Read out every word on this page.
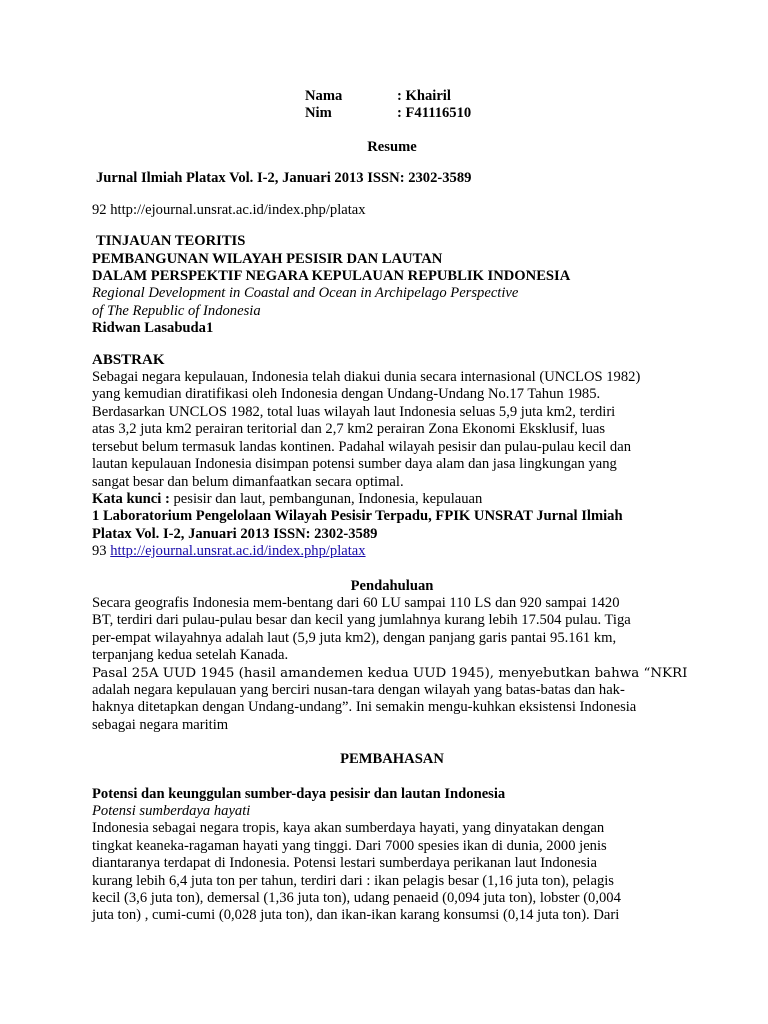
Nama	: Khairil
Nim	: F41116510
Resume
Jurnal Ilmiah Platax Vol. I-2, Januari 2013 ISSN: 2302-3589
92 http://ejournal.unsrat.ac.id/index.php/platax
TINJAUAN TEORITIS
PEMBANGUNAN WILAYAH PESISIR DAN LAUTAN
DALAM PERSPEKTIF NEGARA KEPULAUAN REPUBLIK INDONESIA
Regional Development in Coastal and Ocean in Archipelago Perspective
of The Republic of Indonesia
Ridwan Lasabuda1
ABSTRAK
Sebagai negara kepulauan, Indonesia telah diakui dunia secara internasional (UNCLOS 1982)
yang kemudian diratifikasi oleh Indonesia dengan Undang-Undang No.17 Tahun 1985.
Berdasarkan UNCLOS 1982, total luas wilayah laut Indonesia seluas 5,9 juta km2, terdiri
atas 3,2 juta km2 perairan teritorial dan 2,7 km2 perairan Zona Ekonomi Eksklusif, luas
tersebut belum termasuk landas kontinen. Padahal wilayah pesisir dan pulau-pulau kecil dan
lautan kepulauan Indonesia disimpan potensi sumber daya alam dan jasa lingkungan yang
sangat besar dan belum dimanfaatkan secara optimal.
Kata kunci : pesisir dan laut, pembangunan, Indonesia, kepulauan
1 Laboratorium Pengelolaan Wilayah Pesisir Terpadu, FPIK UNSRAT Jurnal Ilmiah
Platax Vol. I-2, Januari 2013 ISSN: 2302-3589
93 http://ejournal.unsrat.ac.id/index.php/platax
Pendahuluan
Secara geografis Indonesia mem-bentang dari 60 LU sampai 110 LS dan 920 sampai 1420
BT, terdiri dari pulau-pulau besar dan kecil yang jumlahnya kurang lebih 17.504 pulau. Tiga
per-empat wilayahnya adalah laut (5,9 juta km2), dengan panjang garis pantai 95.161 km,
terpanjang kedua setelah Kanada.
Pasal 25A UUD 1945 (hasil amandemen kedua UUD 1945), menyebutkan bahwa “NKRI
adalah negara kepulauan yang berciri nusan-tara dengan wilayah yang batas-batas dan hak-
haknya ditetapkan dengan Undang-undang”. Ini semakin mengu-kuhkan eksistensi Indonesia
sebagai negara maritim
PEMBAHASAN
Potensi dan keunggulan sumber-daya pesisir dan lautan Indonesia
Potensi sumberdaya hayati
Indonesia sebagai negara tropis, kaya akan sumberdaya hayati, yang dinyatakan dengan
tingkat keaneka-ragaman hayati yang tinggi. Dari 7000 spesies ikan di dunia, 2000 jenis
diantaranya terdapat di Indonesia. Potensi lestari sumberdaya perikanan laut Indonesia
kurang lebih 6,4 juta ton per tahun, terdiri dari : ikan pelagis besar (1,16 juta ton), pelagis
kecil (3,6 juta ton), demersal (1,36 juta ton), udang penaeid (0,094 juta ton), lobster (0,004
juta ton) , cumi-cumi (0,028 juta ton), dan ikan-ikan karang konsumsi (0,14 juta ton). Dari
